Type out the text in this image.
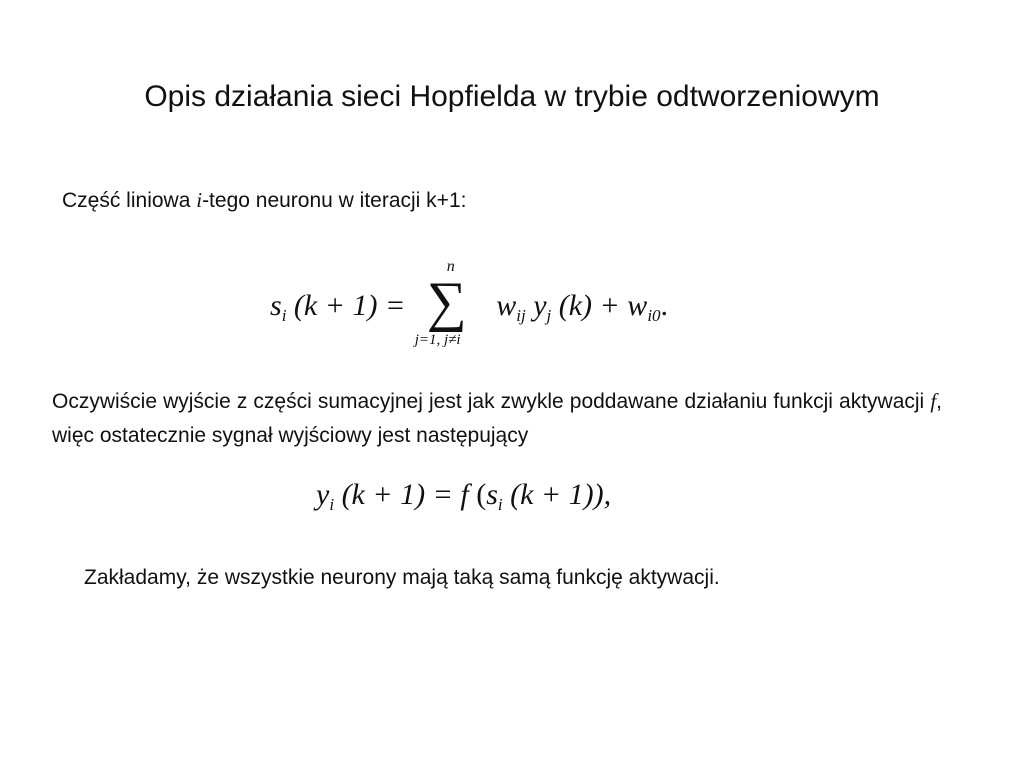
Opis działania sieci Hopfielda w trybie odtworzeniowym

Część liniowa i-tego neuronu w iteracji k+1:

$s_i$ (k + 1) =
n
∑
j=1, j≠i
$w_{ij}$ $y_j$ $(k) + w_{i0}$.

Oczywiście wyjście z części sumacyjnej jest jak zwykle poddawane działaniu funkcji aktywacji f, więc ostatecznie sygnał wyjściowy jest następujący

$y_i$ (k + 1) = f ($s_i$ (k + 1)),

Zakładamy, że wszystkie neurony mają taką samą funkcję aktywacji.
